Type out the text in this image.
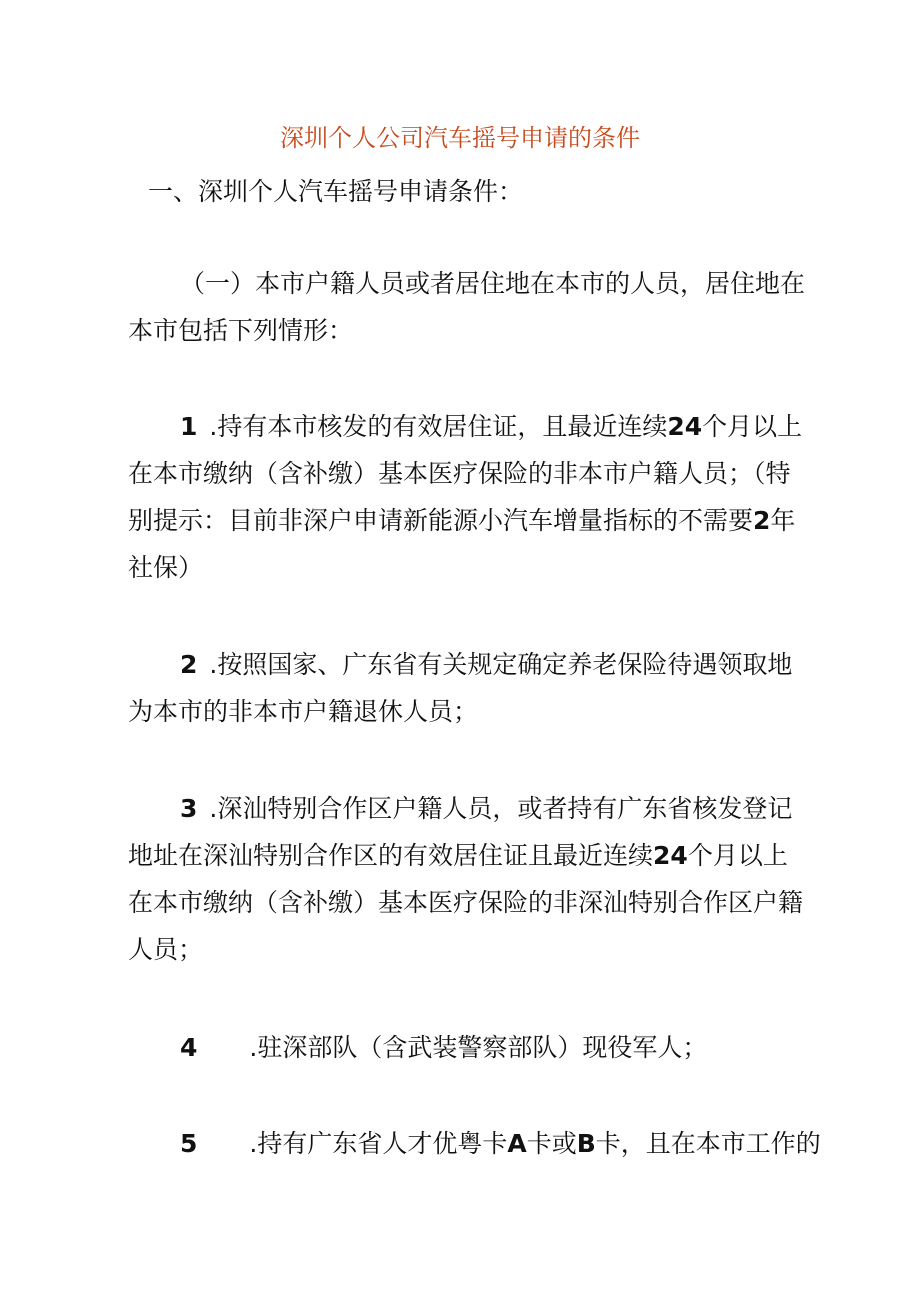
深圳个人公司汽车摇号申请的条件
一、深圳个人汽车摇号申请条件：
（一）本市户籍人员或者居住地在本市的人员，居住地在
本市包括下列情形：
1 .持有本市核发的有效居住证，且最近连续24个月以上
在本市缴纳（含补缴）基本医疗保险的非本市户籍人员；（特
别提示：目前非深户申请新能源小汽车增量指标的不需要2年
社保）
2 .按照国家、广东省有关规定确定养老保险待遇领取地
为本市的非本市户籍退休人员；
3 .深汕特别合作区户籍人员，或者持有广东省核发登记
地址在深汕特别合作区的有效居住证且最近连续24个月以上
在本市缴纳（含补缴）基本医疗保险的非深汕特别合作区户籍
人员；
4 .驻深部队（含武装警察部队）现役军人；
5 .持有广东省人才优粤卡A卡或B卡，且在本市工作的
